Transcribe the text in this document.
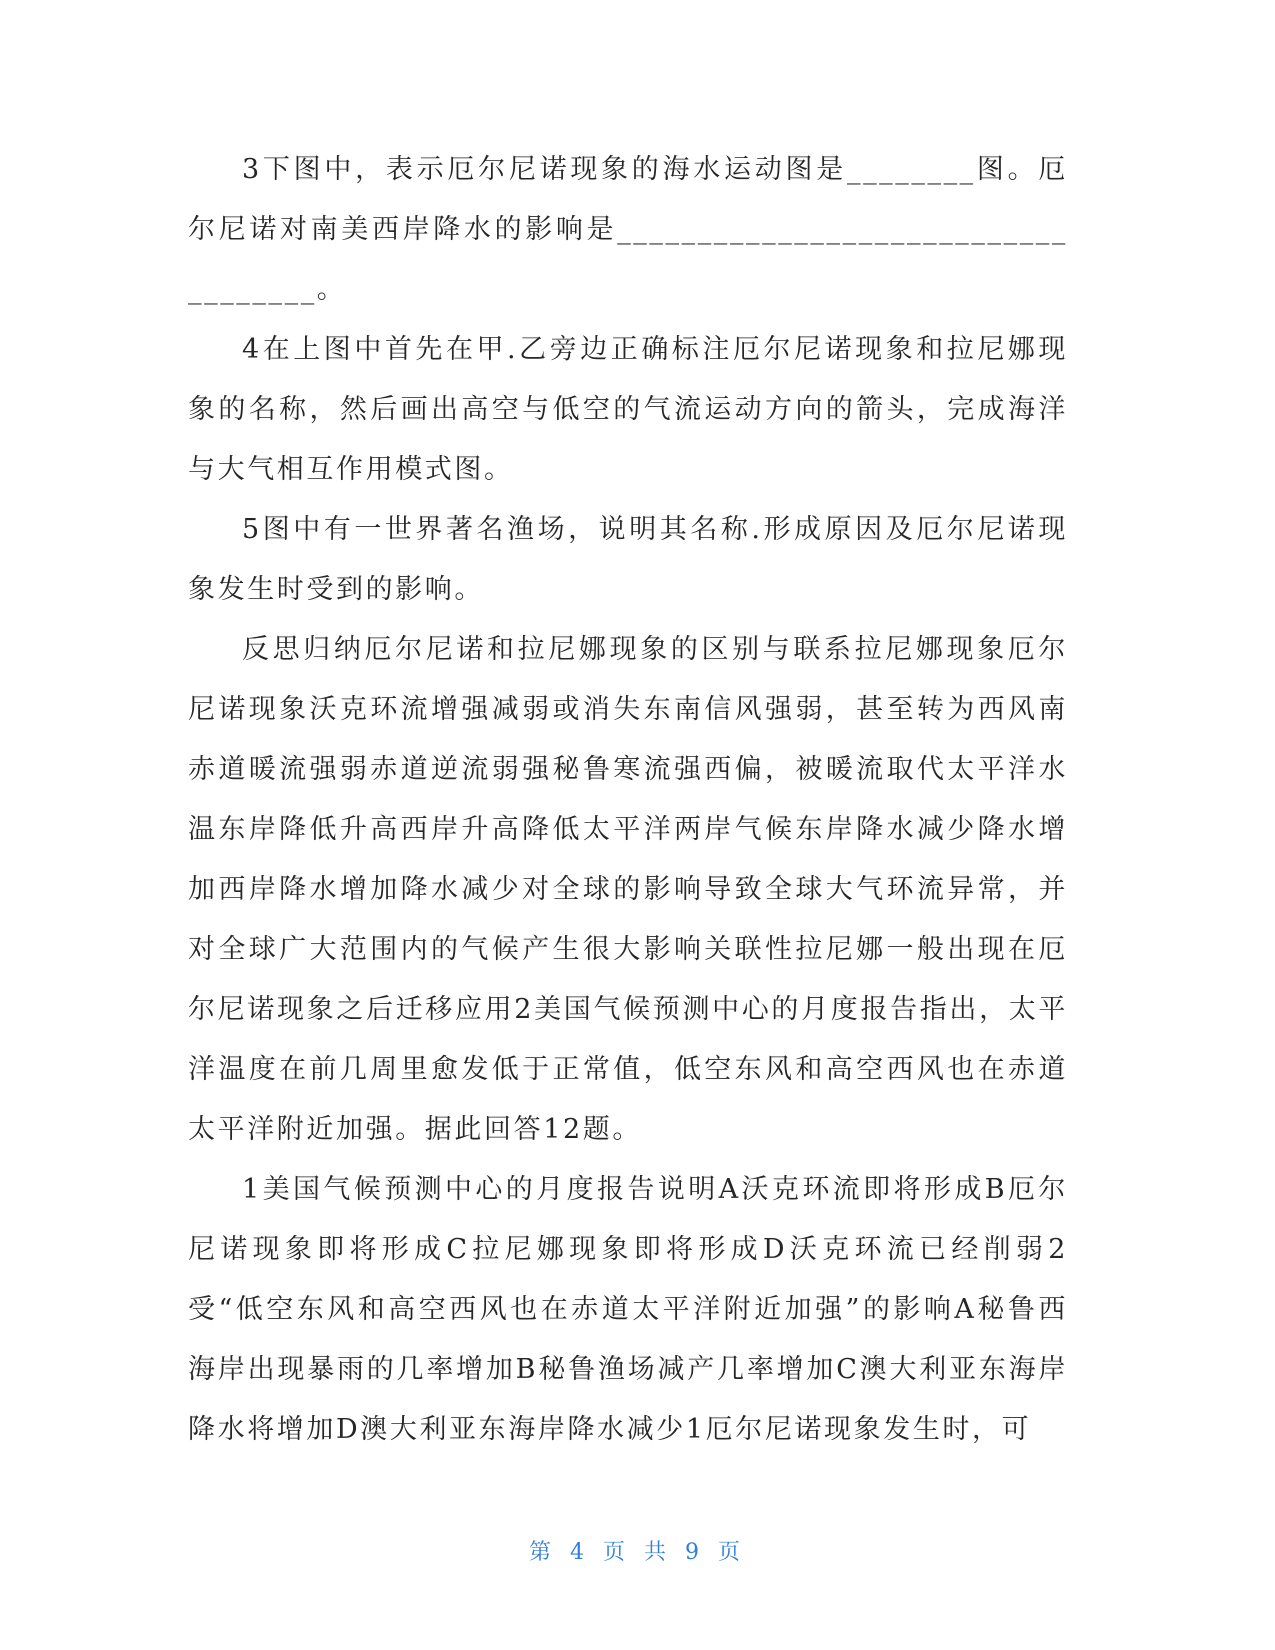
3下图中，表示厄尔尼诺现象的海水运动图是________图。厄尔尼诺对南美西岸降水的影响是____________________________________。

4在上图中首先在甲.乙旁边正确标注厄尔尼诺现象和拉尼娜现象的名称，然后画出高空与低空的气流运动方向的箭头，完成海洋与大气相互作用模式图。

5图中有一世界著名渔场，说明其名称.形成原因及厄尔尼诺现象发生时受到的影响。

反思归纳厄尔尼诺和拉尼娜现象的区别与联系拉尼娜现象厄尔尼诺现象沃克环流增强减弱或消失东南信风强弱，甚至转为西风南赤道暖流强弱赤道逆流弱强秘鲁寒流强西偏，被暖流取代太平洋水温东岸降低升高西岸升高降低太平洋两岸气候东岸降水减少降水增加西岸降水增加降水减少对全球的影响导致全球大气环流异常，并对全球广大范围内的气候产生很大影响关联性拉尼娜一般出现在厄尔尼诺现象之后迁移应用2美国气候预测中心的月度报告指出，太平洋温度在前几周里愈发低于正常值，低空东风和高空西风也在赤道太平洋附近加强。据此回答12题。

1美国气候预测中心的月度报告说明A沃克环流即将形成B厄尔尼诺现象即将形成C拉尼娜现象即将形成D沃克环流已经削弱2受“低空东风和高空西风也在赤道太平洋附近加强”的影响A秘鲁西海岸出现暴雨的几率增加B秘鲁渔场减产几率增加C澳大利亚东海岸降水将增加D澳大利亚东海岸降水减少1厄尔尼诺现象发生时，可

第 4 页 共 9 页
